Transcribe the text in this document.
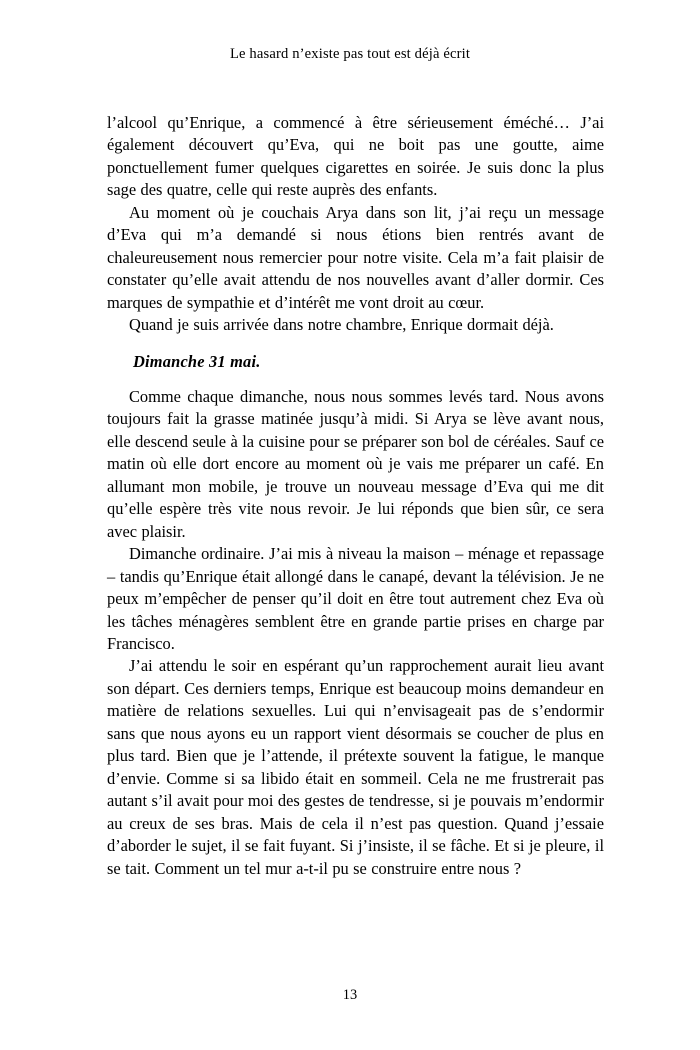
Le hasard n’existe pas tout est déjà écrit

l’alcool qu’Enrique, a commencé à être sérieusement éméché… J’ai également découvert qu’Eva, qui ne boit pas une goutte, aime ponctuellement fumer quelques cigarettes en soirée. Je suis donc la plus sage des quatre, celle qui reste auprès des enfants.

Au moment où je couchais Arya dans son lit, j’ai reçu un message d’Eva qui m’a demandé si nous étions bien rentrés avant de chaleureusement nous remercier pour notre visite. Cela m’a fait plaisir de constater qu’elle avait attendu de nos nouvelles avant d’aller dormir. Ces marques de sympathie et d’intérêt me vont droit au cœur.

Quand je suis arrivée dans notre chambre, Enrique dormait déjà.

Dimanche 31 mai.

Comme chaque dimanche, nous nous sommes levés tard. Nous avons toujours fait la grasse matinée jusqu’à midi. Si Arya se lève avant nous, elle descend seule à la cuisine pour se préparer son bol de céréales. Sauf ce matin où elle dort encore au moment où je vais me préparer un café. En allumant mon mobile, je trouve un nouveau message d’Eva qui me dit qu’elle espère très vite nous revoir. Je lui réponds que bien sûr, ce sera avec plaisir.

Dimanche ordinaire. J’ai mis à niveau la maison – ménage et repassage – tandis qu’Enrique était allongé dans le canapé, devant la télévision. Je ne peux m’empêcher de penser qu’il doit en être tout autrement chez Eva où les tâches ménagères semblent être en grande partie prises en charge par Francisco.

J’ai attendu le soir en espérant qu’un rapprochement aurait lieu avant son départ. Ces derniers temps, Enrique est beaucoup moins demandeur en matière de relations sexuelles. Lui qui n’envisageait pas de s’endormir sans que nous ayons eu un rapport vient désormais se coucher de plus en plus tard. Bien que je l’attende, il prétexte souvent la fatigue, le manque d’envie. Comme si sa libido était en sommeil. Cela ne me frustrerait pas autant s’il avait pour moi des gestes de tendresse, si je pouvais m’endormir au creux de ses bras. Mais de cela il n’est pas question. Quand j’essaie d’aborder le sujet, il se fait fuyant. Si j’insiste, il se fâche. Et si je pleure, il se tait. Comment un tel mur a-t-il pu se construire entre nous ?

13
